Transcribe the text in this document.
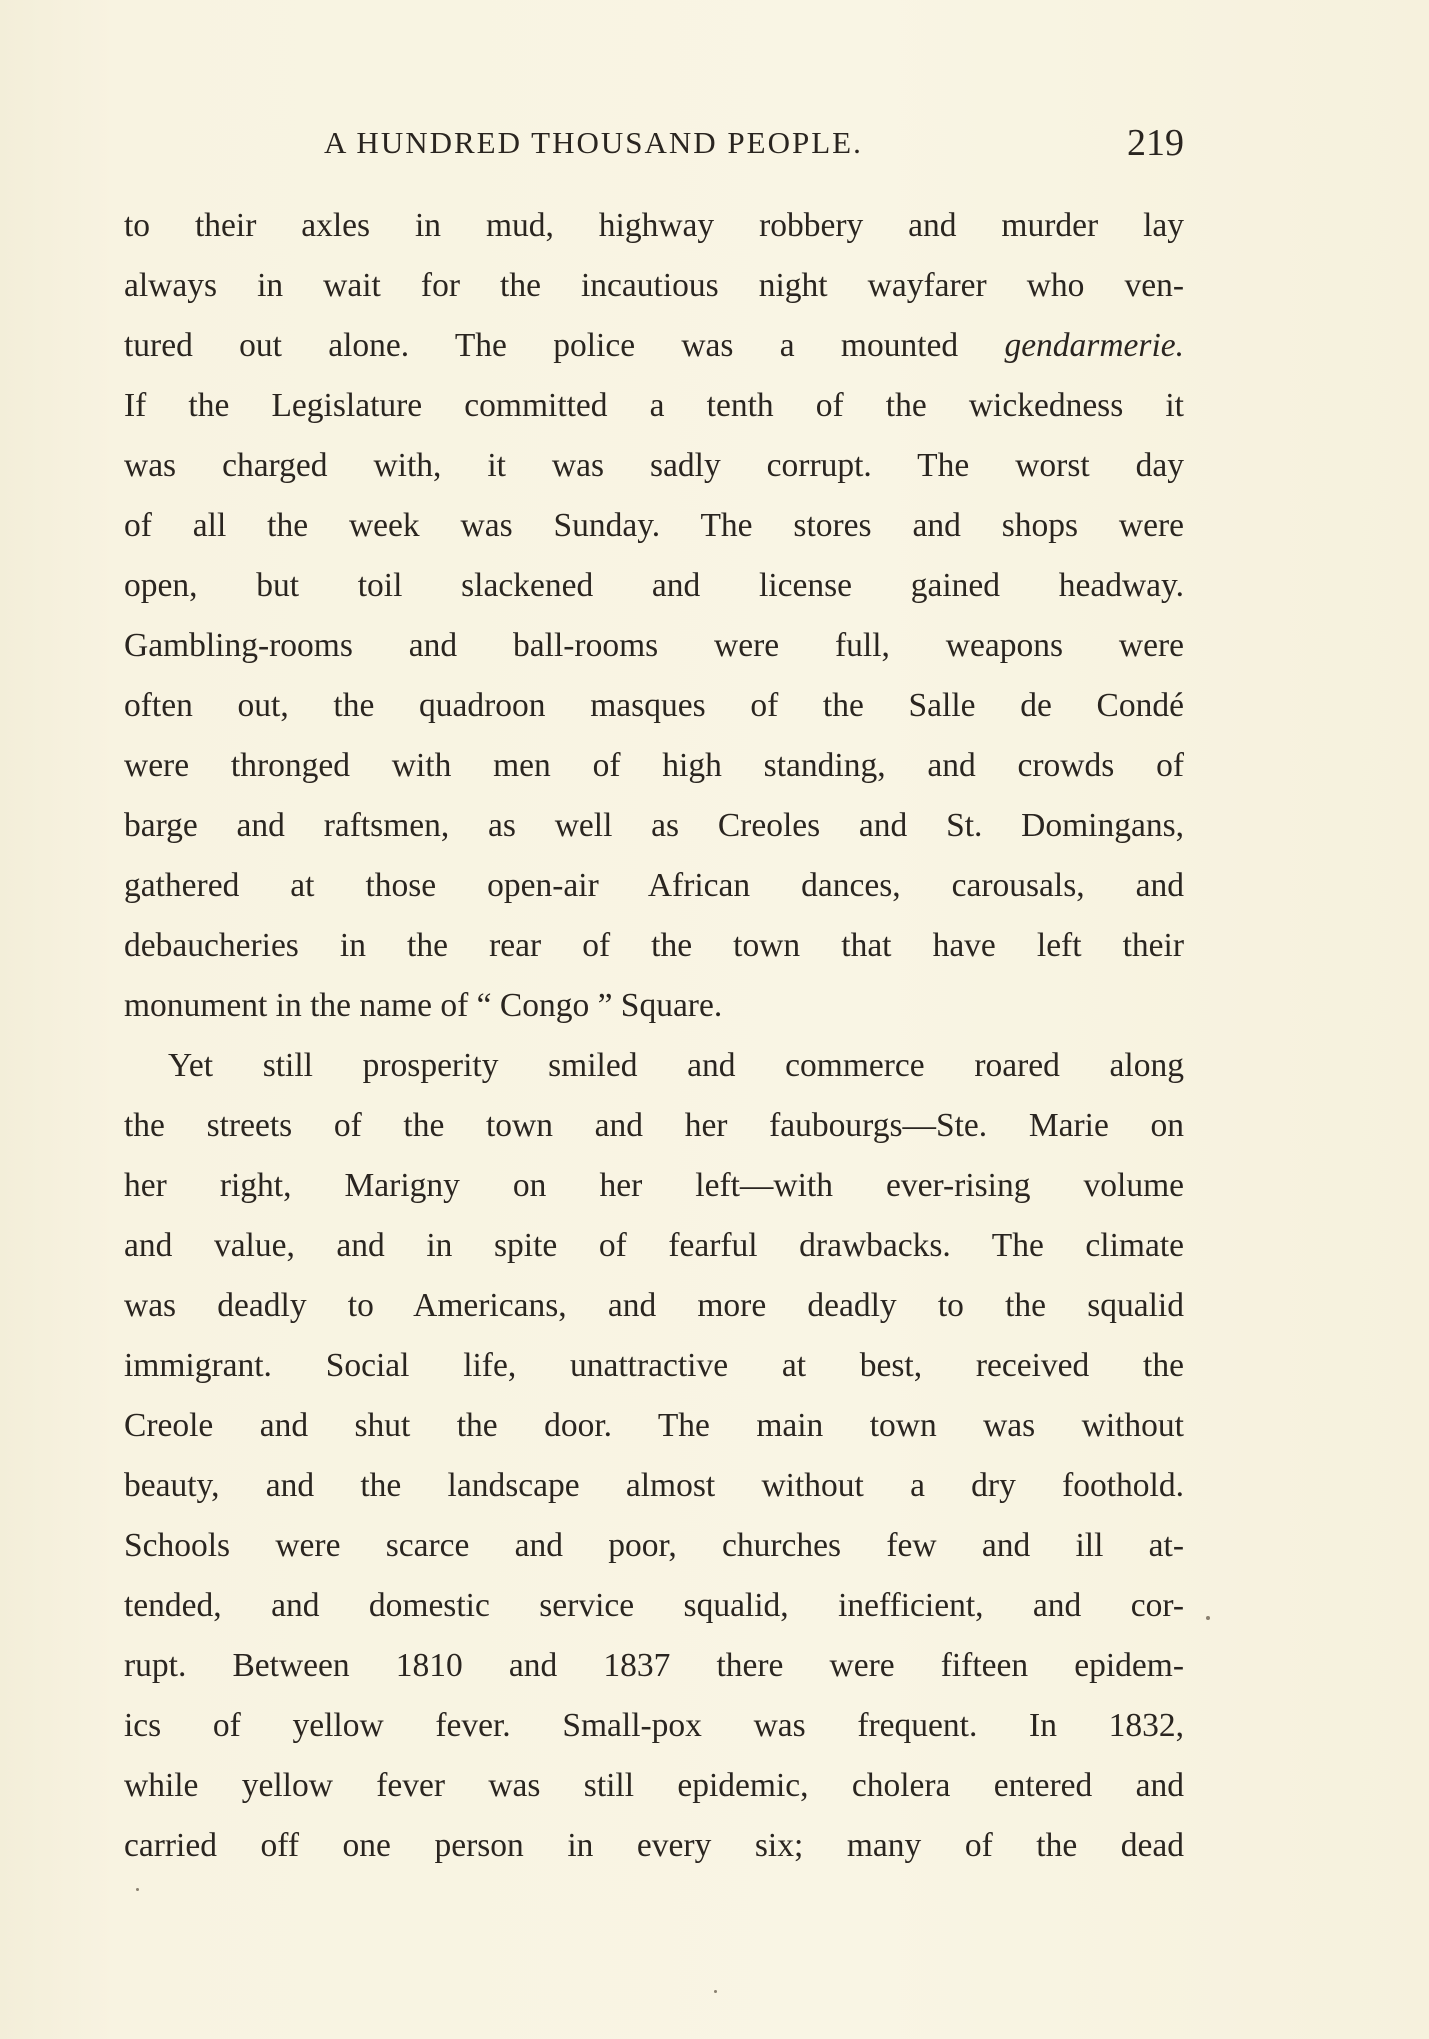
A HUNDRED THOUSAND PEOPLE.	219
to their axles in mud, highway robbery and murder lay
always in wait for the incautious night wayfarer who ven-
tured out alone. The police was a mounted gendarmerie.
If the Legislature committed a tenth of the wickedness it
was charged with, it was sadly corrupt. The worst day
of all the week was Sunday. The stores and shops were
open, but toil slackened and license gained headway.
Gambling-rooms and ball-rooms were full, weapons were
often out, the quadroon masques of the Salle de Condé
were thronged with men of high standing, and crowds of
barge and raftsmen, as well as Creoles and St. Domingans,
gathered at those open-air African dances, carousals, and
debaucheries in the rear of the town that have left their
monument in the name of “ Congo ” Square.
Yet still prosperity smiled and commerce roared along
the streets of the town and her faubourgs—Ste. Marie on
her right, Marigny on her left—with ever-rising volume
and value, and in spite of fearful drawbacks. The climate
was deadly to Americans, and more deadly to the squalid
immigrant. Social life, unattractive at best, received the
Creole and shut the door. The main town was without
beauty, and the landscape almost without a dry foothold.
Schools were scarce and poor, churches few and ill at-
tended, and domestic service squalid, inefficient, and cor-
rupt. Between 1810 and 1837 there were fifteen epidem-
ics of yellow fever. Small-pox was frequent. In 1832,
while yellow fever was still epidemic, cholera entered and
carried off one person in every six; many of the dead
